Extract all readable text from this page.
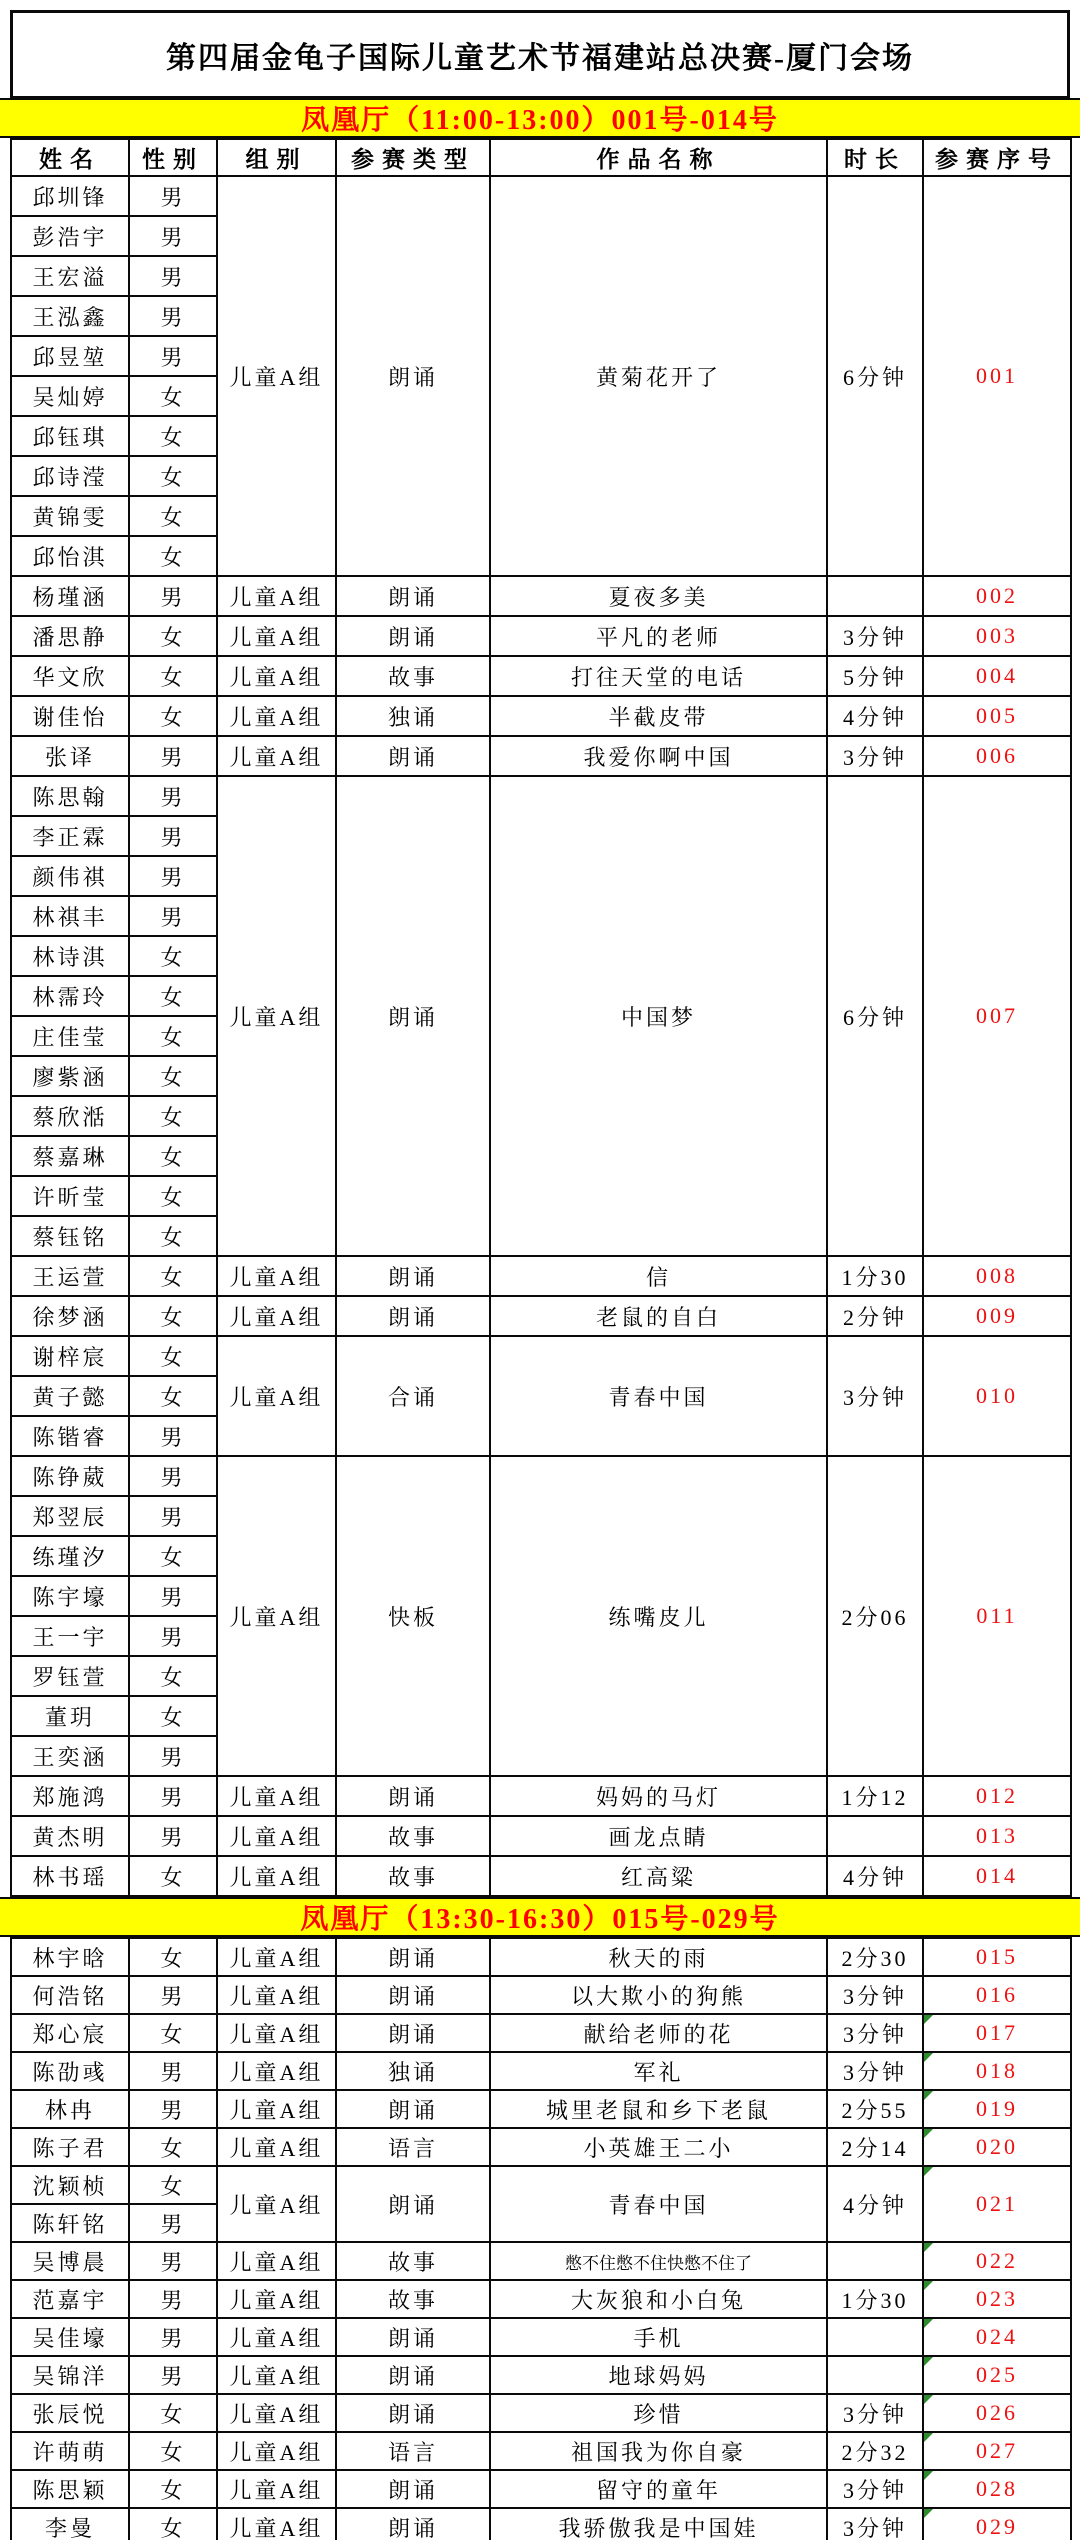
第四届金龟子国际儿童艺术节福建站总决赛-厦门会场
凤凰厅（11:00-13:00）001号-014号
姓名	性别	组别	参赛类型	作品名称	时长	参赛序号
邱圳锋	男	儿童A组	朗诵	黄菊花开了	6分钟	001
彭浩宇	男					
王宏溢	男					
王泓鑫	男					
邱昱堃	男					
吴灿婷	女					
邱钰琪	女					
邱诗滢	女					
黄锦雯	女					
邱怡淇	女					
杨瑾涵	男	儿童A组	朗诵	夏夜多美		002
潘思静	女	儿童A组	朗诵	平凡的老师	3分钟	003
华文欣	女	儿童A组	故事	打往天堂的电话	5分钟	004
谢佳怡	女	儿童A组	独诵	半截皮带	4分钟	005
张译	男	儿童A组	朗诵	我爱你啊中国	3分钟	006
陈思翰	男	儿童A组	朗诵	中国梦	6分钟	007
李正霖	男					
颜伟祺	男					
林祺丰	男					
林诗淇	女					
林霈玲	女					
庄佳莹	女					
廖紫涵	女					
蔡欣湉	女					
蔡嘉琳	女					
许昕莹	女					
蔡钰铭	女					
王运萱	女	儿童A组	朗诵	信	1分30	008
徐梦涵	女	儿童A组	朗诵	老鼠的自白	2分钟	009
谢梓宸	女	儿童A组	合诵	青春中国	3分钟	010
黄子懿	女					
陈锴睿	男					
陈铮葳	男	儿童A组	快板	练嘴皮儿	2分06	011
郑翌辰	男					
练瑾汐	女					
陈宇壕	男					
王一宇	男					
罗钰萱	女					
董玥	女					
王奕涵	男					
郑施鸿	男	儿童A组	朗诵	妈妈的马灯	1分12	012
黄杰明	男	儿童A组	故事	画龙点睛		013
林书瑶	女	儿童A组	故事	红高粱	4分钟	014
凤凰厅（13:30-16:30）015号-029号
林宇晗	女	儿童A组	朗诵	秋天的雨	2分30	015
何浩铭	男	儿童A组	朗诵	以大欺小的狗熊	3分钟	016
郑心宸	女	儿童A组	朗诵	献给老师的花	3分钟	017

陈劭彧	男	儿童A组	独诵	军礼	3分钟	018

林冉	男	儿童A组	朗诵	城里老鼠和乡下老鼠	2分55	019

陈子君	女	儿童A组	语言	小英雄王二小	2分14	020

沈颖桢	女	儿童A组	朗诵	青春中国	4分钟	021

陈轩铭	男					
吴博晨	男	儿童A组	故事	憋不住憋不住快憋不住了		022

范嘉宇	男	儿童A组	故事	大灰狼和小白兔	1分30	023

吴佳壕	男	儿童A组	朗诵	手机		024

吴锦洋	男	儿童A组	朗诵	地球妈妈		025

张辰悦	女	儿童A组	朗诵	珍惜	3分钟	026

许萌萌	女	儿童A组	语言	祖国我为你自豪	2分32	027

陈思颖	女	儿童A组	朗诵	留守的童年	3分钟	028

李曼	女	儿童A组	朗诵	我骄傲我是中国娃	3分钟	029
